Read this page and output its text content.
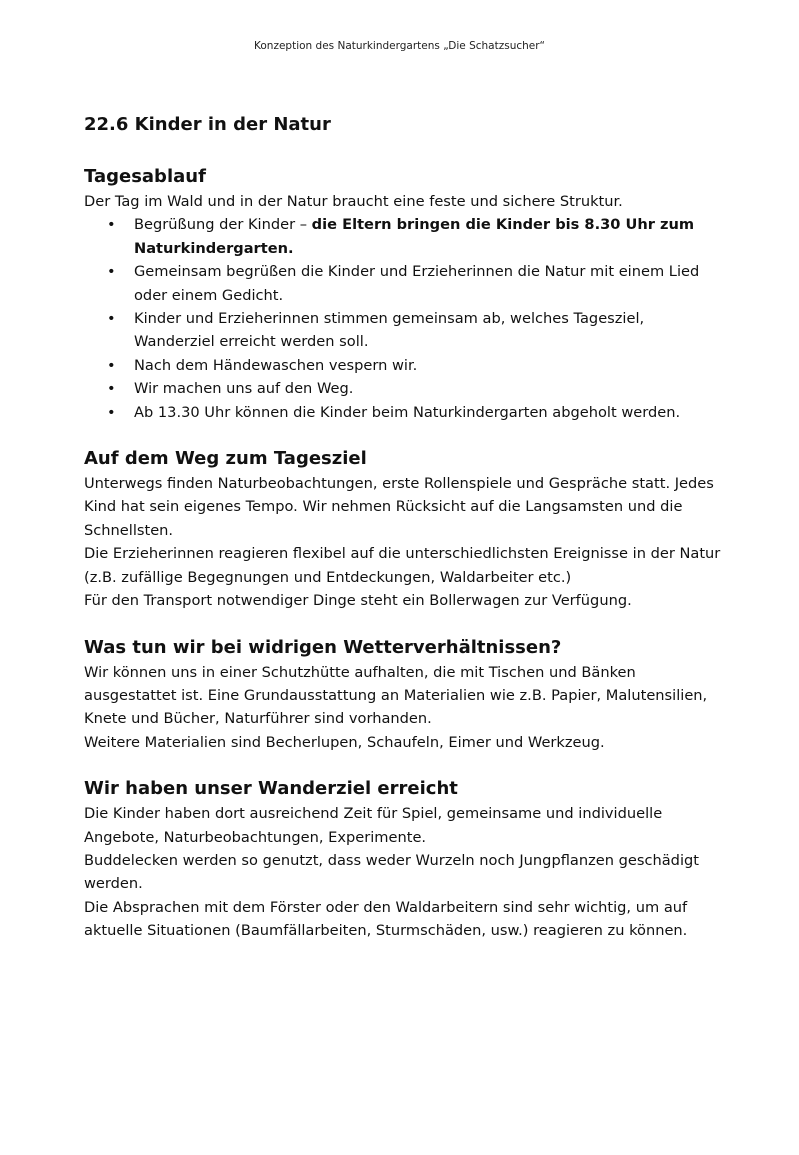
Konzeption des Naturkindergartens „Die Schatzsucher“
22.6 Kinder in der Natur
Tagesablauf

Der Tag im Wald und in der Natur braucht eine feste und sichere Struktur.

• Begrüßung der Kinder – die Eltern bringen die Kinder bis 8.30 Uhr zum Naturkindergarten.
• Gemeinsam begrüßen die Kinder und Erzieherinnen die Natur mit einem Lied oder einem Gedicht.
• Kinder und Erzieherinnen stimmen gemeinsam ab, welches Tagesziel, Wanderziel erreicht werden soll.
• Nach dem Händewaschen vespern wir.
• Wir machen uns auf den Weg.
• Ab 13.30 Uhr können die Kinder beim Naturkindergarten abgeholt werden.
Auf dem Weg zum Tagesziel

Unterwegs finden Naturbeobachtungen, erste Rollenspiele und Gespräche statt. Jedes Kind hat sein eigenes Tempo. Wir nehmen Rücksicht auf die Langsamsten und die Schnellsten.

Die Erzieherinnen reagieren flexibel auf die unterschiedlichsten Ereignisse in der Natur (z.B. zufällige Begegnungen und Entdeckungen, Waldarbeiter etc.)

Für den Transport notwendiger Dinge steht ein Bollerwagen zur Verfügung.

Was tun wir bei widrigen Wetterverhältnissen?

Wir können uns in einer Schutzhütte aufhalten, die mit Tischen und Bänken ausgestattet ist. Eine Grundausstattung an Materialien wie z.B. Papier, Malutensilien, Knete und Bücher, Naturführer sind vorhanden.

Weitere Materialien sind Becherlupen, Schaufeln, Eimer und Werkzeug.

Wir haben unser Wanderziel erreicht

Die Kinder haben dort ausreichend Zeit für Spiel, gemeinsame und individuelle Angebote, Naturbeobachtungen, Experimente.

Buddelecken werden so genutzt, dass weder Wurzeln noch Jungpflanzen geschädigt werden.

Die Absprachen mit dem Förster oder den Waldarbeitern sind sehr wichtig, um auf aktuelle Situationen (Baumfällarbeiten, Sturmschäden, usw.) reagieren zu können.
